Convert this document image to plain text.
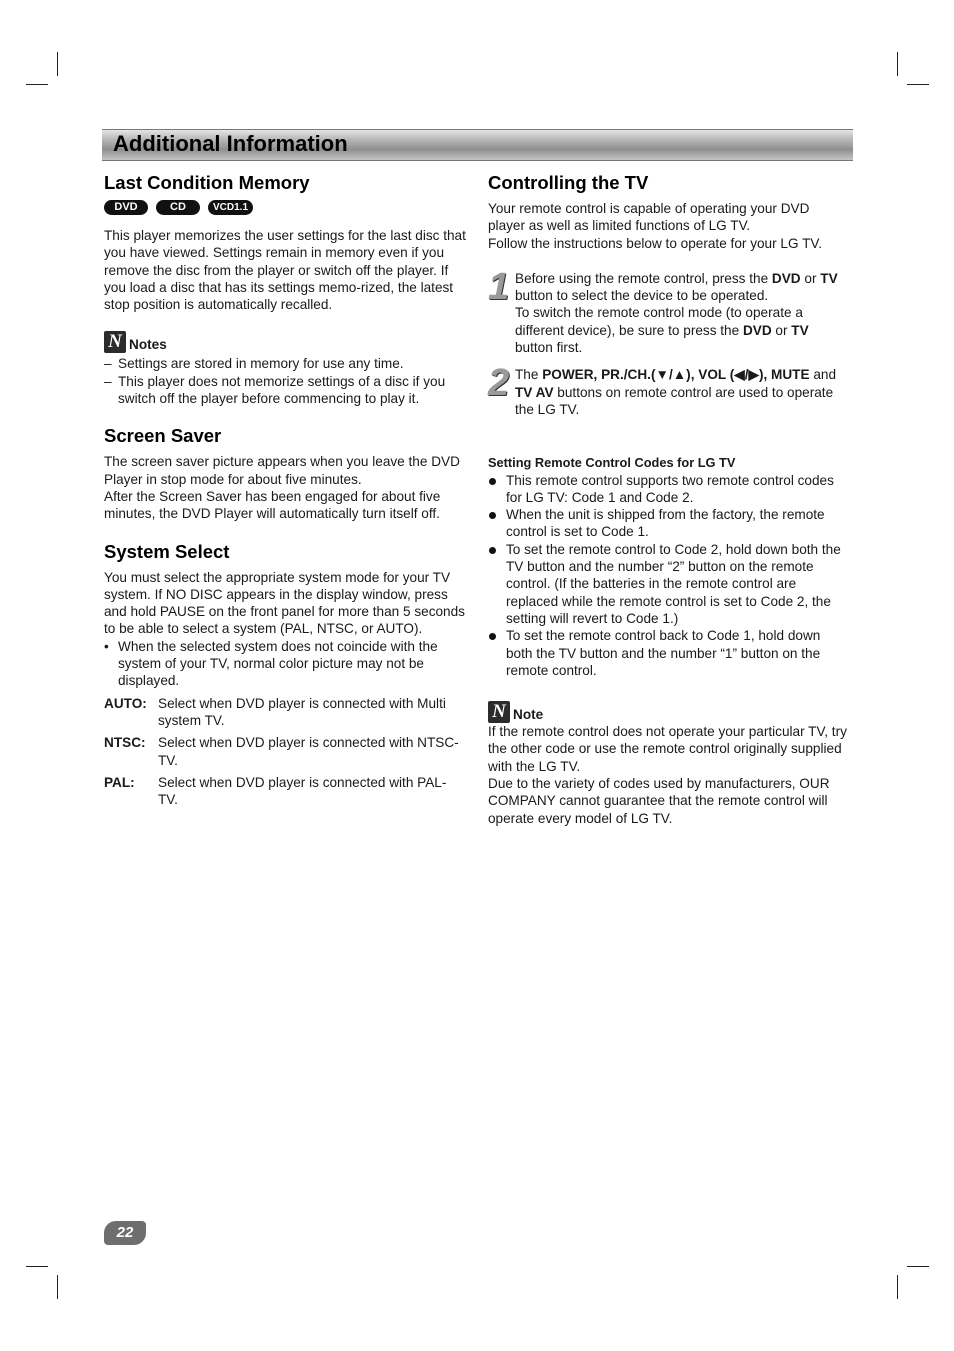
Additional Information
Last Condition Memory
DVD	CD	VCD1.1

This player memorizes the user settings for the last disc that you have viewed. Settings remain in memory even if you remove the disc from the player or switch off the player. If you load a disc that has its settings memo-rized, the latest stop position is automatically recalled.

N Notes
– Settings are stored in memory for use any time.
– This player does not memorize settings of a disc if you switch off the player before commencing to play it.
Screen Saver

The screen saver picture appears when you leave the DVD Player in stop mode for about five minutes.

After the Screen Saver has been engaged for about five minutes, the DVD Player will automatically turn itself off.

System Select

You must select the appropriate system mode for your TV system. If NO DISC appears in the display window, press and hold PAUSE on the front panel for more than 5 seconds to be able to select a system (PAL, NTSC, or AUTO).

• When the selected system does not coincide with the system of your TV, normal color picture may not be displayed.
AUTO: Select when DVD player is connected with Multi system TV.
NTSC: Select when DVD player is connected with NTSC-TV.
PAL:	Select when DVD player is connected with PAL-TV.
Controlling the TV

Your remote control is capable of operating your DVD player as well as limited functions of LG TV.

Follow the instructions below to operate for your LG TV.

1 Before using the remote control, press the DVD or TV button to select the device to be operated.

To switch the remote control mode (to operate a different device), be sure to press the DVD or TV button first.

2 The POWER, PR./CH.(▼/▲), VOL (◀/▶), MUTE and TV AV buttons on remote control are used to operate the LG TV.

Setting Remote Control Codes for LG TV

This remote control supports two remote control codes for LG TV: Code 1 and Code 2.
When the unit is shipped from the factory, the remote control is set to Code 1.
To set the remote control to Code 2, hold down both the TV button and the number “2” button on the remote control. (If the batteries in the remote control are replaced while the remote control is set to Code 2, the setting will revert to Code 1.)
To set the remote control back to Code 1, hold down both the TV button and the number “1” button on the remote control.
N Note

If the remote control does not operate your particular TV, try the other code or use the remote control originally supplied with the LG TV.

Due to the variety of codes used by manufacturers, OUR COMPANY cannot guarantee that the remote control will operate every model of LG TV.

22
